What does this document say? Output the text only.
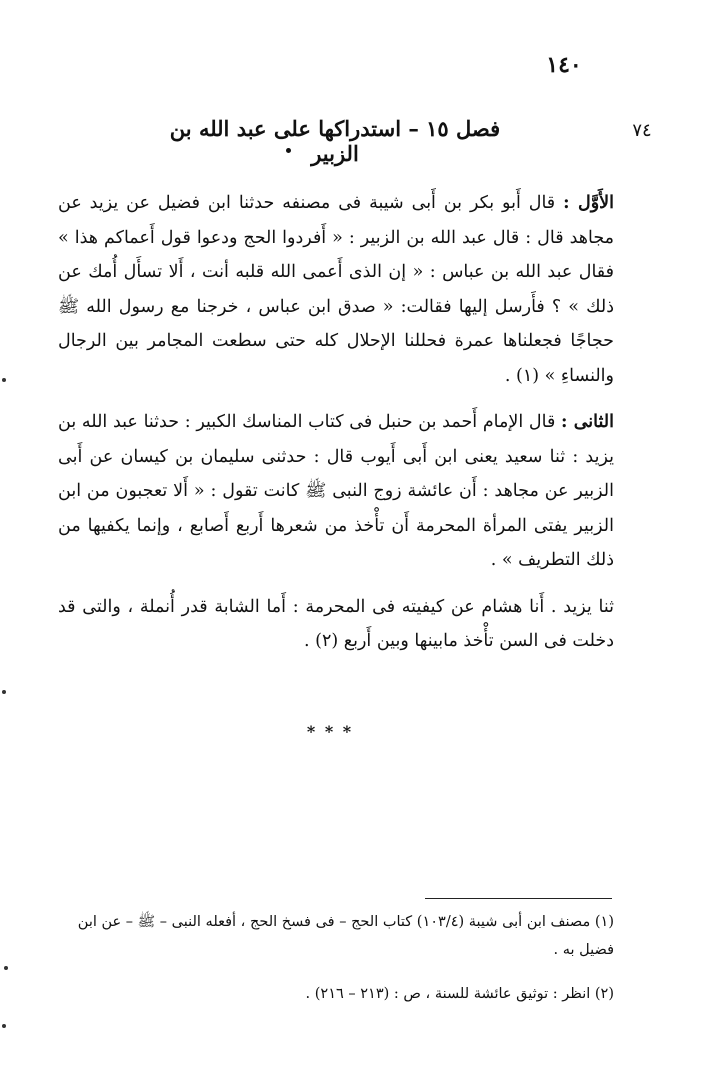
١٤٠
٧٤
فصل ١٥ – استدراكها على عبد الله بن الزبير

الأَوَّل : قال أَبو بكر بن أَبى شيبة فى مصنفه حدثنا ابن فضيل عن يزيد عن مجاهد قال : قال عبد الله بن الزبير : « أَفردوا الحج ودعوا قول أَعماكم هذا » فقال عبد الله بن عباس : « إن الذى أَعمى الله قلبه أنت ، أَلا تسأَل أُمك عن ذلك » ؟ فأَرسل إليها فقالت: « صدق ابن عباس ، خرجنا مع رسول الله ﷺ حجاجًا فجعلناها عمرة فحللنا الإحلال كله حتى سطعت المجامر بين الرجال والنساءِ » (١) .

الثانى : قال الإمام أَحمد بن حنبل فى كتاب المناسك الكبير : حدثنا عبد الله بن يزيد : ثنا سعيد يعنى ابن أَبى أَيوب قال : حدثنى سليمان بن كيسان عن أَبى الزبير عن مجاهد : أَن عائشة زوج النبى ﷺ كانت تقول : « أَلا تعجبون من ابن الزبير يفتى المرأة المحرمة أَن تأْخذ من شعرها أَربع أَصابع ، وإنما يكفيها من ذلك التطريف » .

ثنا يزيد . أَنا هشام عن كيفيته فى المحرمة : أَما الشابة قدر أُنملة ، والتى قد دخلت فى السن تأْخذ مابينها وبين أَربع (٢) .

* * *

(١) مصنف ابن أبى شيبة (١٠٣/٤) كتاب الحج – فى فسخ الحج ، أفعله النبى – ﷺ – عن ابن فضيل به .

(٢) انظر : توثيق عائشة للسنة ، ص : (٢١٣ – ٢١٦) .
